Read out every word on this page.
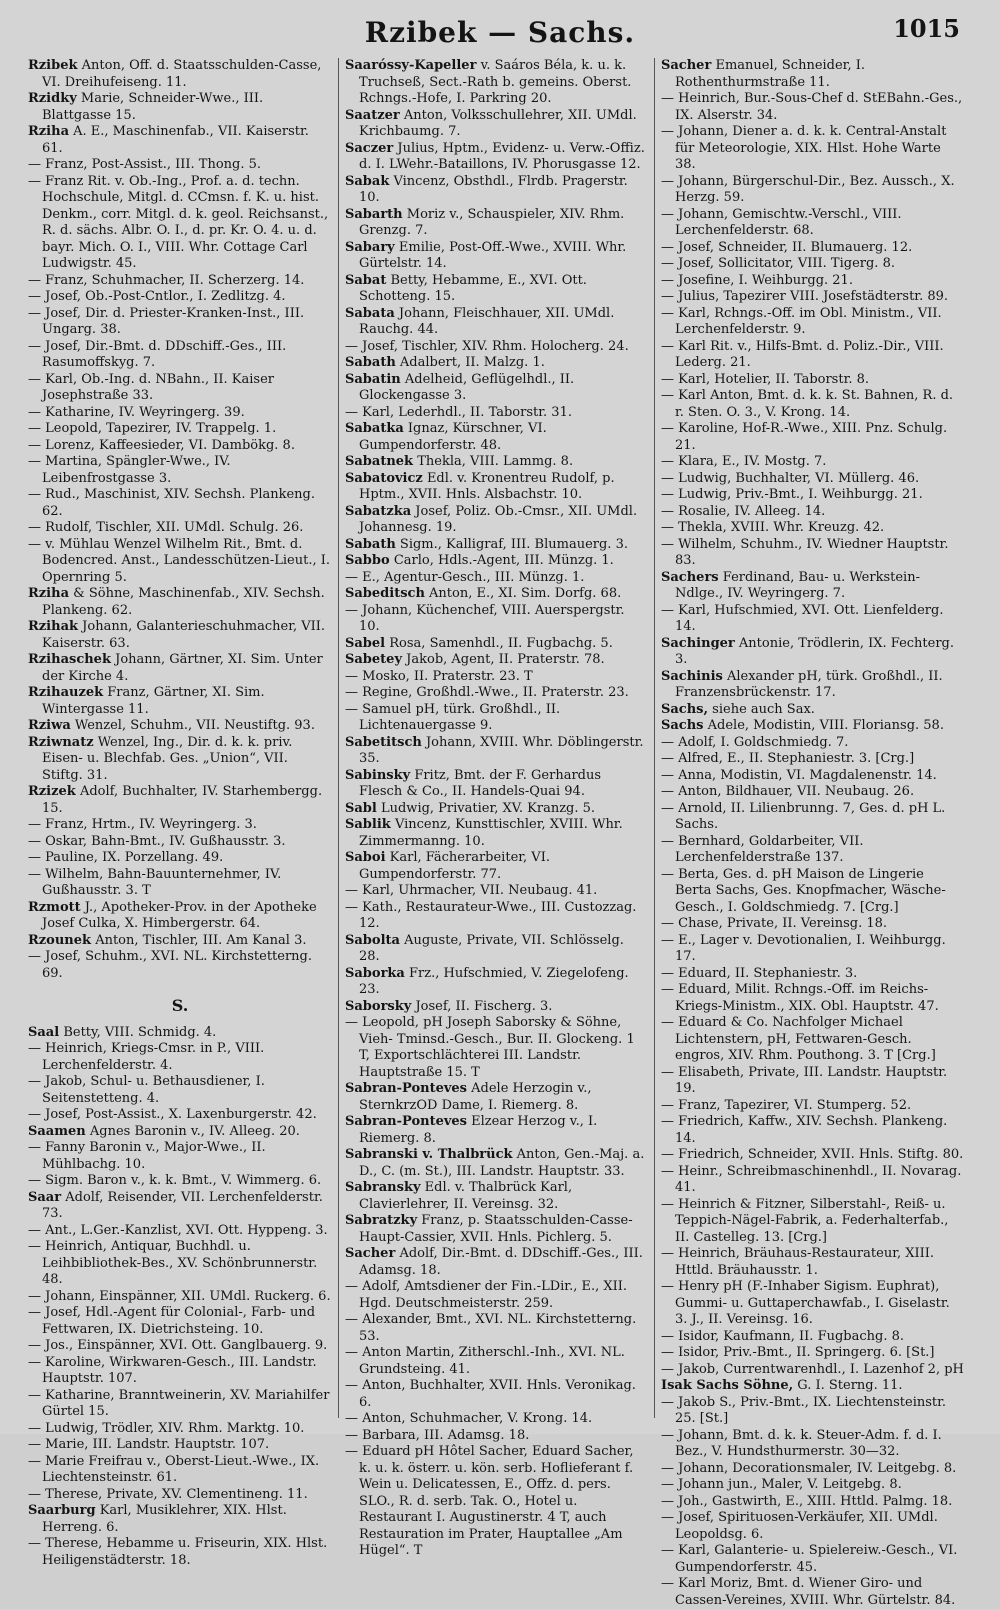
Rzibek — Sachs.	1015

Rzibek Anton, Off. d. Staatsschulden-Casse, VI. Dreihufeisen​g. 11.

Rzidky Marie, Schneider-Wwe., III. Blattgasse 15.

Rziha A. E., Maschinenfab., VII. Kaiserstr. 61.

— Franz, Post-Assist., III. Thong. 5.

— Franz Rit. v. Ob.-Ing., Prof. a. d. techn. Hochschule, Mitgl. d. CCmsn. f. K. u. hist. Denkm., corr. Mitgl. d. k. geol. Reichsanst., R. d. sächs. Albr. O. I., d. pr. Kr. O. 4. u. d. bayr. Mich. O. I., VIII. Whr. Cottage Carl Ludwigstr. 45.

— Franz, Schuhmacher, II. Scherzerg. 14.

— Josef, Ob.-Post-Cntlor., I. Zedlitzg. 4.

— Josef, Dir. d. Priester-Kranken-Inst., III. Ungarg. 38.

— Josef, Dir.-Bmt. d. DDschiff.-Ges., III. Rasumoffskyg. 7.

— Karl, Ob.-Ing. d. NBahn., II. Kaiser Josephstraße 33.

— Katharine, IV. Weyringerg. 39.

— Leopold, Tapezirer, IV. Trappelg. 1.

— Lorenz, Kaffeesieder, VI. Dambökg. 8.

— Martina, Spängler-Wwe., IV. Leibenfrostgasse 3.

— Rud., Maschinist, XIV. Sechsh. Plankeng. 62.

— Rudolf, Tischler, XII. UMdl. Schulg. 26.

— v. Mühlau Wenzel Wilhelm Rit., Bmt. d. Bodencred. Anst., Landesschützen-Lieut., I. Opernring 5.

Rziha & Söhne, Maschinenfab., XIV. Sechsh. Plankeng. 62.

Rzihak Johann, Galanterieschuhmacher, VII. Kaiserstr. 63.

Rzihaschek Johann, Gärtner, XI. Sim. Unter der Kirche 4.

Rzihauzek Franz, Gärtner, XI. Sim. Wintergasse 11.

Rziwa Wenzel, Schuhm., VII. Neustiftg. 93.

Rziwnatz Wenzel, Ing., Dir. d. k. k. priv. Eisen- u. Blechfab. Ges. „Union“, VII. Stiftg. 31.

Rzizek Adolf, Buchhalter, IV. Starhembergg. 15.

— Franz, Hrtm., IV. Weyringerg. 3.

— Oskar, Bahn-Bmt., IV. Gußhausstr. 3.

— Pauline, IX. Porzellang. 49.

— Wilhelm, Bahn-Bauunternehmer, IV. Gußhausstr. 3. T

Rzmott J., Apotheker-Prov. in der Apotheke Josef Culka, X. Himbergerstr. 64.

Rzounek Anton, Tischler, III. Am Kanal 3.

— Josef, Schuhm., XVI. NL. Kirchstetterng. 69.

S.

Saal Betty, VIII. Schmidg. 4.

— Heinrich, Kriegs-Cmsr. in P., VIII. Lerchenfelderstr. 4.

— Jakob, Schul- u. Bethausdiener, I. Seitenstetteng. 4.

— Josef, Post-Assist., X. Laxenburgerstr. 42.

Saamen Agnes Baronin v., IV. Alleeg. 20.

— Fanny Baronin v., Major-Wwe., II. Mühlbachg. 10.

— Sigm. Baron v., k. k. Bmt., V. Wimmerg. 6.

Saar Adolf, Reisender, VII. Lerchenfelderstr. 73.

— Ant., L.Ger.-Kanzlist, XVI. Ott. Hyppeng. 3.

— Heinrich, Antiquar, Buchhdl. u. Leihbibliothek-Bes., XV. Schönbrunnerstr. 48.

— Johann, Einspänner, XII. UMdl. Ruckerg. 6.

— Josef, Hdl.-Agent für Colonial-, Farb- und Fettwaren, IX. Dietrichsteing. 10.

— Jos., Einspänner, XVI. Ott. Ganglbauerg. 9.

— Karoline, Wirkwaren-Gesch., III. Landstr. Hauptstr. 107.

— Katharine, Branntweinerin, XV. Mariahilfer Gürtel 15.

— Ludwig, Trödler, XIV. Rhm. Marktg. 10.

— Marie, III. Landstr. Hauptstr. 107.

— Marie Freifrau v., Oberst-Lieut.-Wwe., IX. Liechtensteinstr. 61.

— Therese, Private, XV. Clementineng. 11.

Saarburg Karl, Musiklehrer, XIX. Hlst. Herreng. 6.

— Therese, Hebamme u. Friseurin, XIX. Hlst. Heiligenstädterstr. 18.

Saaróssy-Kapeller v. Saáros Béla, k. u. k. Truchseß, Sect.-Rath b. gemeins. Oberst. Rchngs.-Hofe, I. Parkring 20.

Saatzer Anton, Volksschullehrer, XII. UMdl. Krichbaumg. 7.

Saczer Julius, Hptm., Evidenz- u. Verw.-Offiz. d. I. LWehr.-Bataillons, IV. Phorusgasse 12.

Sabak Vincenz, Obsthdl., Flrdb. Pragerstr. 10.

Sabarth Moriz v., Schauspieler, XIV. Rhm. Grenzg. 7.

Sabary Emilie, Post-Off.-Wwe., XVIII. Whr. Gürtelstr. 14.

Sabat Betty, Hebamme, E., XVI. Ott. Schotteng. 15.

Sabata Johann, Fleischhauer, XII. UMdl. Rauchg. 44.

— Josef, Tischler, XIV. Rhm. Holocherg. 24.

Sabath Adalbert, II. Malzg. 1.

Sabatin Adelheid, Geflügelhdl., II. Glockengasse 3.

— Karl, Lederhdl., II. Taborstr. 31.

Sabatka Ignaz, Kürschner, VI. Gumpendorferstr. 48.

Sabatnek Thekla, VIII. Lammg. 8.

Sabatovicz Edl. v. Kronentreu Rudolf, p. Hptm., XVII. Hnls. Alsbachstr. 10.

Sabatzka Josef, Poliz. Ob.-Cmsr., XII. UMdl. Johannesg. 19.

Sabath Sigm., Kalligraf, III. Blumauerg. 3.

Sabbo Carlo, Hdls.-Agent, III. Münzg. 1.

— E., Agentur-Gesch., III. Münzg. 1.

Sabeditsch Anton, E., XI. Sim. Dorfg. 68.

— Johann, Küchenchef, VIII. Auerspergstr. 10.

Sabel Rosa, Samenhdl., II. Fugbachg. 5.

Sabetey Jakob, Agent, II. Praterstr. 78.

— Mosko, II. Praterstr. 23. T

— Regine, Großhdl.-Wwe., II. Praterstr. 23.

— Samuel pH, türk. Großhdl., II. Lichtenauergasse 9.

Sabetitsch Johann, XVIII. Whr. Döblingerstr. 35.

Sabinsky Fritz, Bmt. der F. Gerhardus Flesch & Co., II. Handels-Quai 94.

Sabl Ludwig, Privatier, XV. Kranzg. 5.

Sablik Vincenz, Kunsttischler, XVIII. Whr. Zimmermanng. 10.

Saboi Karl, Fächerarbeiter, VI. Gumpendorferstr. 77.

— Karl, Uhrmacher, VII. Neubaug. 41.

— Kath., Restaurateur-Wwe., III. Custozzag. 12.

Sabolta Auguste, Private, VII. Schlösselg. 28.

Saborka Frz., Hufschmied, V. Ziegelofeng. 23.

Saborsky Josef, II. Fischerg. 3.

— Leopold, pH Joseph Saborsky & Söhne, Vieh- Tminsd.-Gesch., Bur. II. Glockeng. 1 T, Exportschlächterei III. Landstr. Hauptstraße 15. T

Sabran-Ponteves Adele Herzogin v., SternkrzOD Dame, I. Riemerg. 8.

Sabran-Ponteves Elzear Herzog v., I. Riemerg. 8.

Sabranski v. Thalbrück Anton, Gen.-Maj. a. D., C. (m. St.), III. Landstr. Hauptstr. 33.

Sabransky Edl. v. Thalbrück Karl, Clavierlehrer, II. Vereinsg. 32.

Sabratzky Franz, p. Staatsschulden-Casse-Haupt-Cassier, XVII. Hnls. Pichlerg. 5.

Sacher Adolf, Dir.-Bmt. d. DDschiff.-Ges., III. Adamsg. 18.

— Adolf, Amtsdiener der Fin.-LDir., E., XII. Hgd. Deutschmeisterstr. 259.

— Alexander, Bmt., XVI. NL. Kirchstetterng. 53.

— Anton Martin, Zitherschl.-Inh., XVI. NL. Grundsteing. 41.

— Anton, Buchhalter, XVII. Hnls. Veronikag. 6.

— Anton, Schuhmacher, V. Krong. 14.

— Barbara, III. Adamsg. 18.

— Eduard pH Hôtel Sacher, Eduard Sacher, k. u. k. österr. u. kön. serb. Hoflieferant f. Wein u. Delicatessen, E., Offz. d. pers. SLO., R. d. serb. Tak. O., Hotel u. Restaurant I. Augustinerstr. 4 T, auch Restauration im Prater, Hauptallee „Am Hügel“. T

Sacher Emanuel, Schneider, I. Rothenthurmstraße 11.

— Heinrich, Bur.-Sous-Chef d. StEBahn.-Ges., IX. Alserstr. 34.

— Johann, Diener a. d. k. k. Central-Anstalt für Meteorologie, XIX. Hlst. Hohe Warte 38.

— Johann, Bürgerschul-Dir., Bez. Aussch., X. Herzg. 59.

— Johann, Gemischtw.-Verschl., VIII. Lerchenfelderstr. 68.

— Josef, Schneider, II. Blumauerg. 12.

— Josef, Sollicitator, VIII. Tigerg. 8.

— Josefine, I. Weihburgg. 21.

— Julius, Tapezirer VIII. Josefstädterstr. 89.

— Karl, Rchngs.-Off. im Obl. Ministm., VII. Lerchenfelderstr. 9.

— Karl Rit. v., Hilfs-Bmt. d. Poliz.-Dir., VIII. Lederg. 21.

— Karl, Hotelier, II. Taborstr. 8.

— Karl Anton, Bmt. d. k. k. St. Bahnen, R. d. r. Sten. O. 3., V. Krong. 14.

— Karoline, Hof-R.-Wwe., XIII. Pnz. Schulg. 21.

— Klara, E., IV. Mostg. 7.

— Ludwig, Buchhalter, VI. Müllerg. 46.

— Ludwig, Priv.-Bmt., I. Weihburgg. 21.

— Rosalie, IV. Alleeg. 14.

— Thekla, XVIII. Whr. Kreuzg. 42.

— Wilhelm, Schuhm., IV. Wiedner Hauptstr. 83.

Sachers Ferdinand, Bau- u. Werkstein-Ndlge., IV. Weyringerg. 7.

— Karl, Hufschmied, XVI. Ott. Lienfelderg. 14.

Sachinger Antonie, Trödlerin, IX. Fechterg. 3.

Sachinis Alexander pH, türk. Großhdl., II. Franzensbrückenstr. 17.

Sachs, siehe auch Sax.

Sachs Adele, Modistin, VIII. Floriansg. 58.

— Adolf, I. Goldschmiedg. 7.

— Alfred, E., II. Stephaniestr. 3. [Crg.]

— Anna, Modistin, VI. Magdalenenstr. 14.

— Anton, Bildhauer, VII. Neubaug. 26.

— Arnold, II. Lilienbrunng. 7, Ges. d. pH L. Sachs.

— Bernhard, Goldarbeiter, VII. Lerchenfelderstraße 137.

— Berta, Ges. d. pH Maison de Lingerie Berta Sachs, Ges. Knopfmacher, Wäsche-Gesch., I. Goldschmiedg. 7. [Crg.]

— Chase, Private, II. Vereinsg. 18.

— E., Lager v. Devotionalien, I. Weihburgg. 17.

— Eduard, II. Stephaniestr. 3.

— Eduard, Milit. Rchngs.-Off. im Reichs-Kriegs-Ministm., XIX. Obl. Hauptstr. 47.

— Eduard & Co. Nachfolger Michael Lichtenstern, pH, Fettwaren-Gesch. engros, XIV. Rhm. Pouthong. 3. T [Crg.]

— Elisabeth, Private, III. Landstr. Hauptstr. 19.

— Franz, Tapezirer, VI. Stumperg. 52.

— Friedrich, Kaffw., XIV. Sechsh. Plankeng. 14.

— Friedrich, Schneider, XVII. Hnls. Stiftg. 80.

— Heinr., Schreibmaschinenhdl., II. Novarag. 41.

— Heinrich & Fitzner, Silberstahl-, Reiß- u. Teppich-Nägel-Fabrik, a. Federhalterfab., II. Castelleg. 13. [Crg.]

— Heinrich, Bräuhaus-Restaurateur, XIII. Httld. Bräuhausstr. 1.

— Henry pH (F.-Inhaber Sigism. Euphrat), Gummi- u. Guttaperchawfab., I. Giselastr. 3. J., II. Vereinsg. 16.

— Isidor, Kaufmann, II. Fugbachg. 8.

— Isidor, Priv.-Bmt., II. Springerg. 6. [St.]

— Jakob, Currentwarenhdl., I. Lazenhof 2, pH

Isak Sachs Söhne, G. I. Sterng. 11.

— Jakob S., Priv.-Bmt., IX. Liechtensteinstr. 25. [St.]

— Johann, Bmt. d. k. k. Steuer-Adm. f. d. I. Bez., V. Hundsthurmerstr. 30—32.

— Johann, Decorationsmaler, IV. Leitgebg. 8.

— Johann jun., Maler, V. Leitgebg. 8.

— Joh., Gastwirth, E., XIII. Httld. Palmg. 18.

— Josef, Spirituosen-Verkäufer, XII. UMdl. Leopoldsg. 6.

— Karl, Galanterie- u. Spielereiw.-Gesch., VI. Gumpendorferstr. 45.

— Karl Moriz, Bmt. d. Wiener Giro- und Cassen-Vereines, XVIII. Whr. Gürtelstr. 84.
